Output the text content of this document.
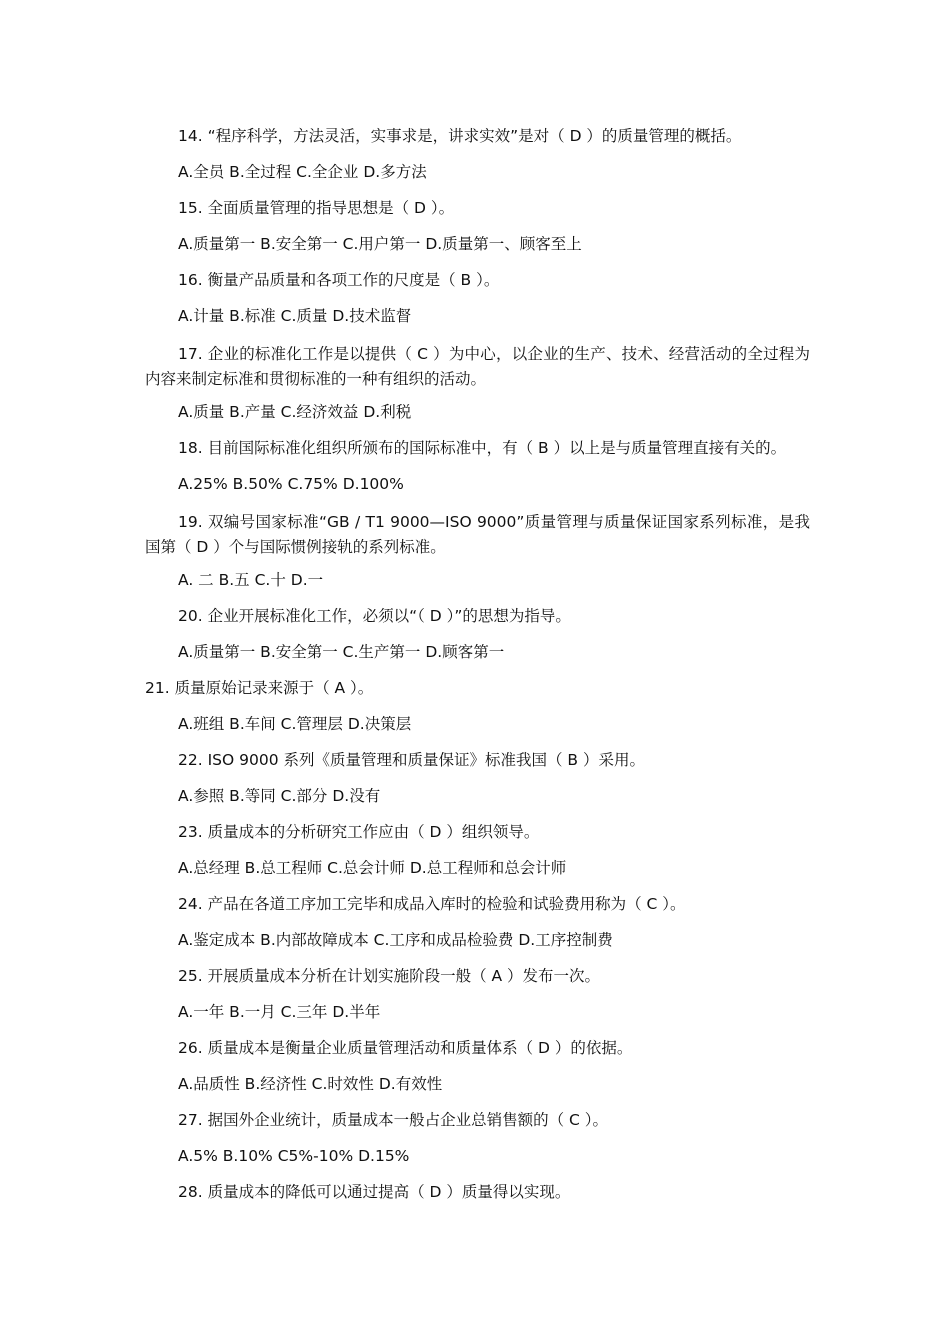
14. “程序科学，方法灵活，实事求是，讲求实效”是对（ D ）的质量管理的概括。

A.全员 B.全过程 C.全企业 D.多方法

15. 全面质量管理的指导思想是（ D ）。

A.质量第一 B.安全第一 C.用户第一 D.质量第一、顾客至上

16. 衡量产品质量和各项工作的尺度是（ B ）。

A.计量 B.标准 C.质量 D.技术监督

17. 企业的标准化工作是以提供（ C ）为中心，以企业的生产、技术、经营活动的全过程为内容来制定标准和贯彻标准的一种有组织的活动。

A.质量 B.产量 C.经济效益 D.利税

18. 目前国际标准化组织所颁布的国际标准中，有（ B ）以上是与质量管理直接有关的。

A.25% B.50% C.75% D.100%

19. 双编号国家标准“GB / T1 9000—ISO 9000”质量管理与质量保证国家系列标准，是我国第（ D ）个与国际惯例接轨的系列标准。

A. 二 B.五 C.十 D.一

20. 企业开展标准化工作，必须以“（ D ）”的思想为指导。

A.质量第一 B.安全第一 C.生产第一 D.顾客第一

21. 质量原始记录来源于（ A ）。

A.班组 B.车间 C.管理层 D.决策层

22. ISO 9000 系列《质量管理和质量保证》标准我国（ B ）采用。

A.参照 B.等同 C.部分 D.没有

23. 质量成本的分析研究工作应由（ D ）组织领导。

A.总经理 B.总工程师 C.总会计师 D.总工程师和总会计师

24. 产品在各道工序加工完毕和成品入库时的检验和试验费用称为（ C ）。

A.鉴定成本 B.内部故障成本 C.工序和成品检验费 D.工序控制费

25. 开展质量成本分析在计划实施阶段一般（ A ）发布一次。

A.一年 B.一月 C.三年 D.半年

26. 质量成本是衡量企业质量管理活动和质量体系（ D ）的依据。

A.品质性 B.经济性 C.时效性 D.有效性

27. 据国外企业统计，质量成本一般占企业总销售额的（ C ）。

A.5% B.10% C5%-10% D.15%

28. 质量成本的降低可以通过提高（ D ）质量得以实现。
